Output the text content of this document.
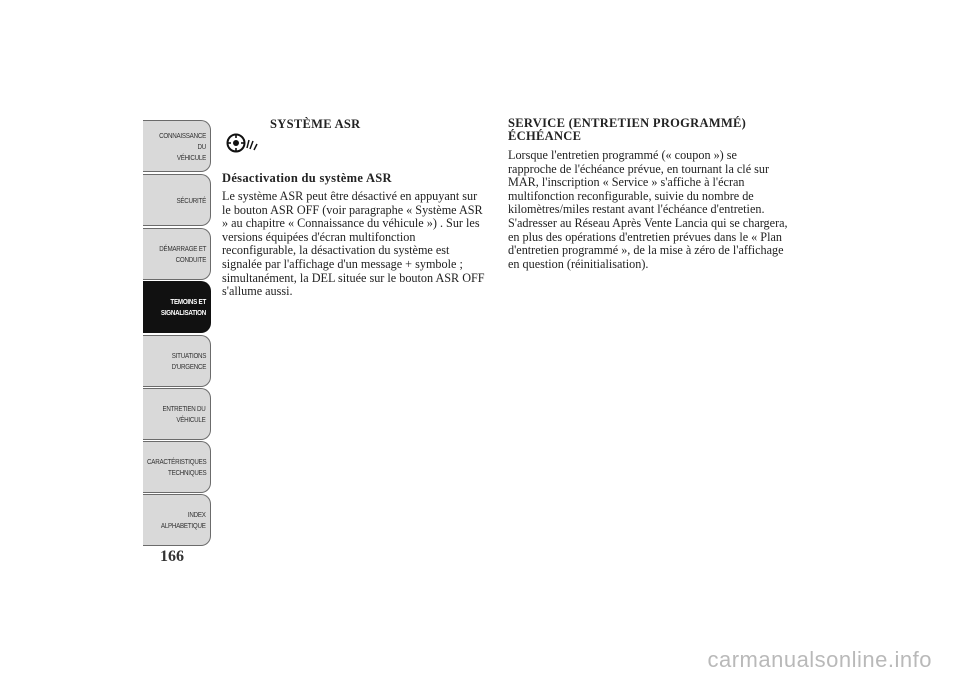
CONNAISSANCE DU
VÉHICULE
SÉCURITÉ
DÉMARRAGE ET
CONDUITE
TEMOINS ET
SIGNALISATION
SITUATIONS
D'URGENCE
ENTRETIEN DU
VÉHICULE
CARACTÉRISTIQUES
TECHNIQUES
INDEX
ALPHABETIQUE
166
SYSTÈME ASR
Désactivation du système ASR
Le système ASR peut être désactivé en appuyant sur le bouton ASR OFF (voir paragraphe « Système ASR » au chapitre « Connaissance du véhicule ») . Sur les versions équipées d'écran multifonction reconfigurable, la désactivation du système est signalée par l'affichage d'un message + symbole ; simultanément, la DEL située sur le bouton ASR OFF s'allume aussi.
SERVICE (ENTRETIEN PROGRAMMÉ) ÉCHÉANCE
Lorsque l'entretien programmé (« coupon ») se rapproche de l'échéance prévue, en tournant la clé sur MAR, l'inscription « Service » s'affiche à l'écran multifonction reconfigurable, suivie du nombre de kilomètres/miles restant avant l'échéance d'entretien. S'adresser au Réseau Après Vente Lancia qui se chargera, en plus des opérations d'entretien prévues dans le « Plan d'entretien programmé », de la mise à zéro de l'affichage en question (réinitialisation).
carmanualsonline.info
